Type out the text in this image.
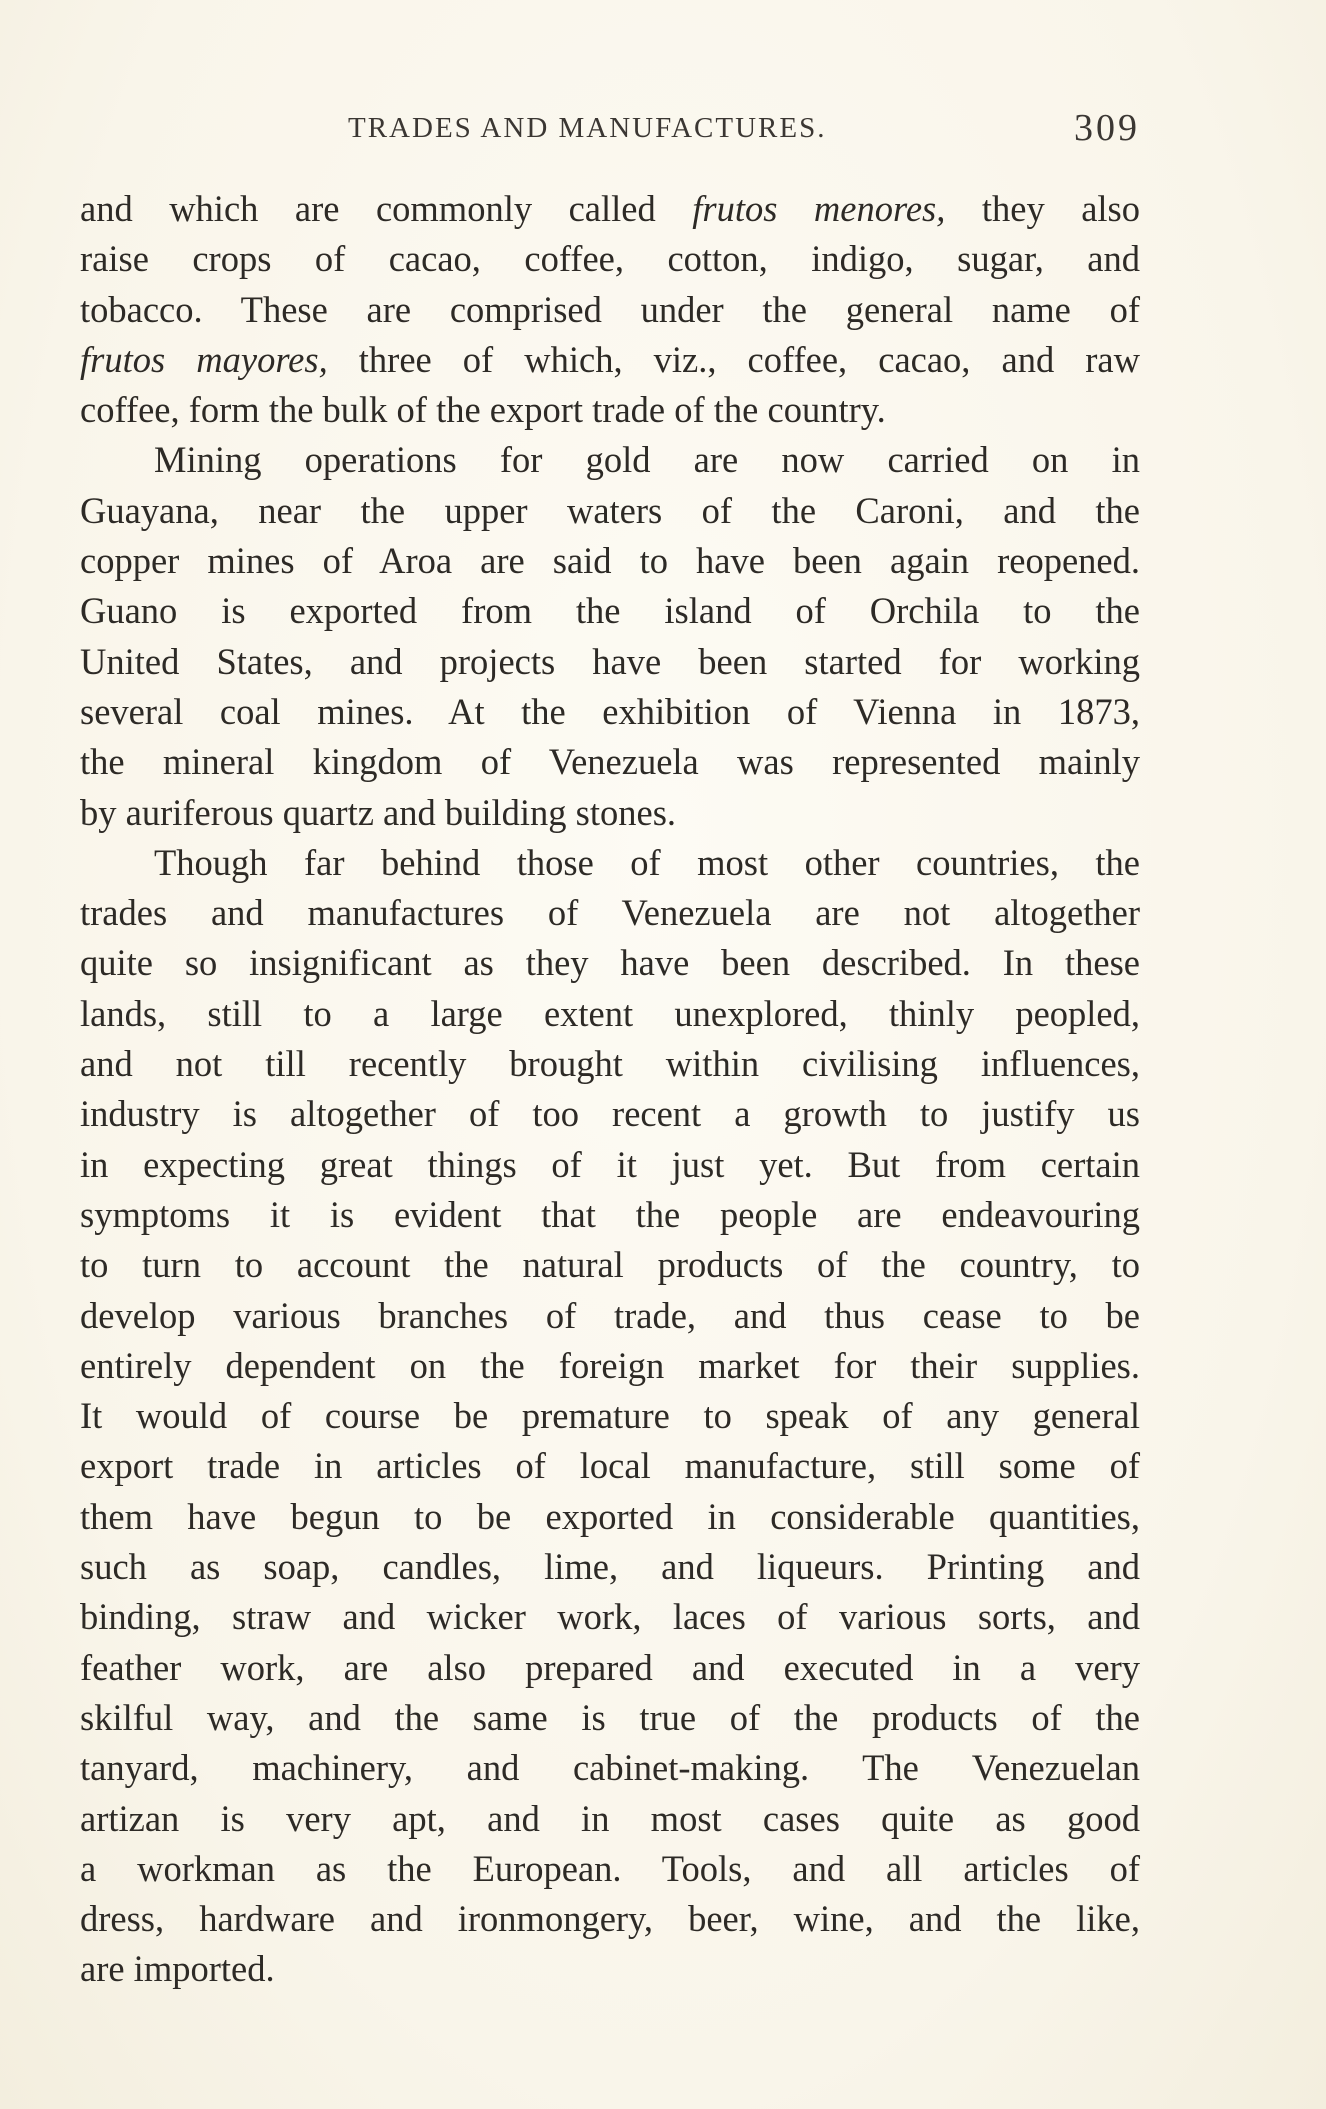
TRADES AND MANUFACTURES.	309

and which are commonly called frutos menores, they also
raise crops of cacao, coffee, cotton, indigo, sugar, and
tobacco. These are comprised under the general name of
frutos mayores, three of which, viz., coffee, cacao, and raw
coffee, form the bulk of the export trade of the country.

Mining operations for gold are now carried on in
Guayana, near the upper waters of the Caroni, and the
copper mines of Aroa are said to have been again reopened.
Guano is exported from the island of Orchila to the
United States, and projects have been started for working
several coal mines. At the exhibition of Vienna in 1873,
the mineral kingdom of Venezuela was represented mainly
by auriferous quartz and building stones.

Though far behind those of most other countries, the
trades and manufactures of Venezuela are not altogether
quite so insignificant as they have been described. In these
lands, still to a large extent unexplored, thinly peopled,
and not till recently brought within civilising influences,
industry is altogether of too recent a growth to justify us
in expecting great things of it just yet. But from certain
symptoms it is evident that the people are endeavouring
to turn to account the natural products of the country, to
develop various branches of trade, and thus cease to be
entirely dependent on the foreign market for their supplies.
It would of course be premature to speak of any general
export trade in articles of local manufacture, still some of
them have begun to be exported in considerable quantities,
such as soap, candles, lime, and liqueurs. Printing and
binding, straw and wicker work, laces of various sorts, and
feather work, are also prepared and executed in a very
skilful way, and the same is true of the products of the
tanyard, machinery, and cabinet-making. The Venezuelan
artizan is very apt, and in most cases quite as good
a workman as the European. Tools, and all articles of
dress, hardware and ironmongery, beer, wine, and the like,
are imported.
